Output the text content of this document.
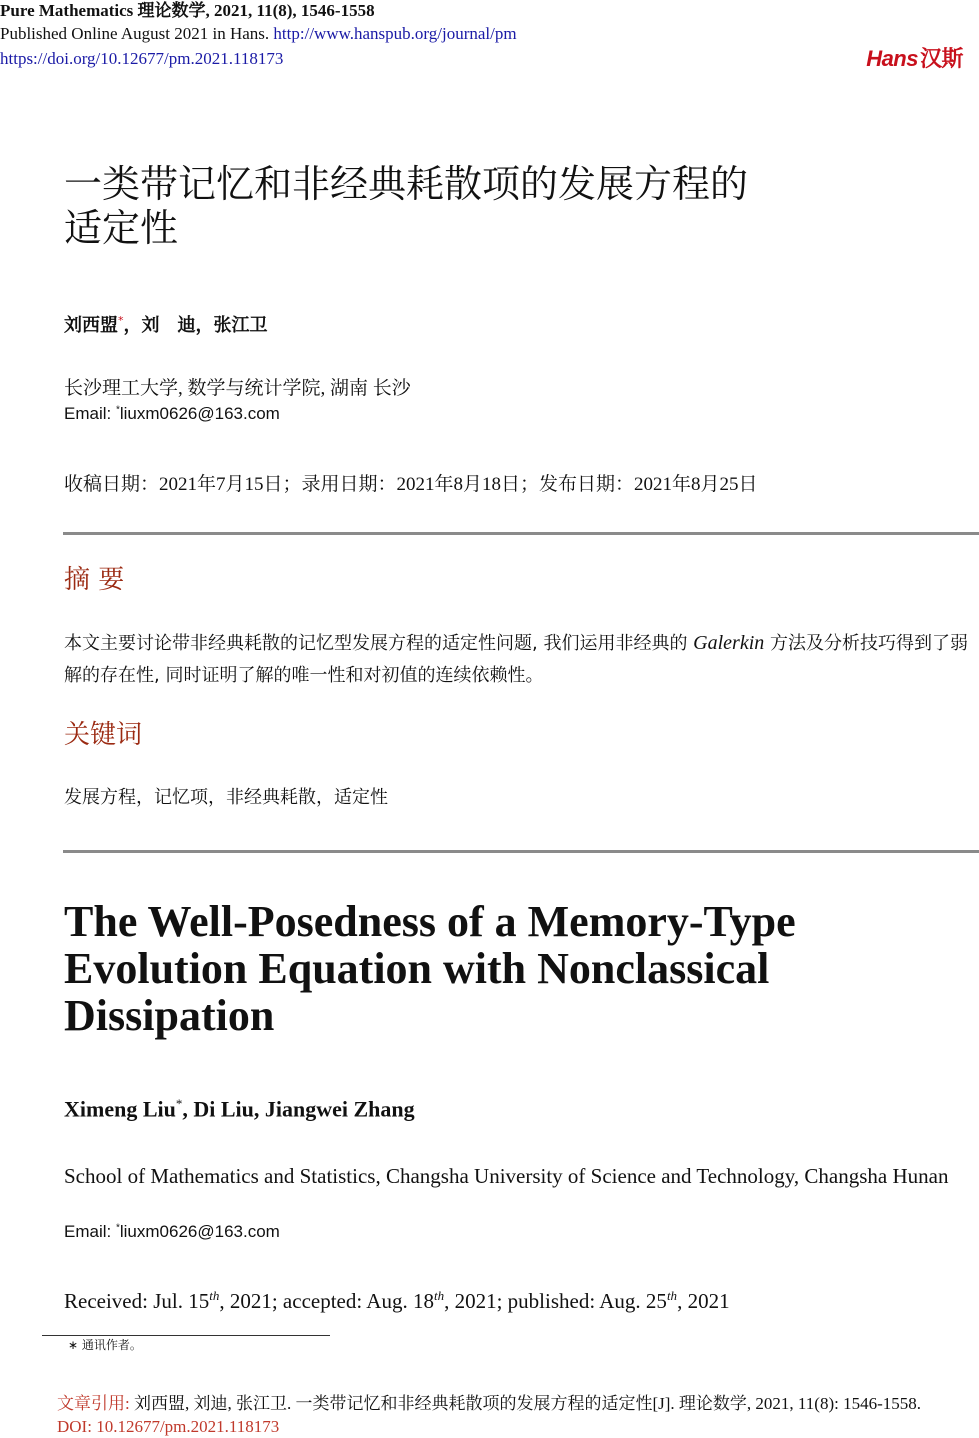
Pure Mathematics 理论数学, 2021, 11(8), 1546-1558
Published Online August 2021 in Hans. http://www.hanspub.org/journal/pm
https://doi.org/10.12677/pm.2021.118173	Hans汉斯
一类带记忆和非经典耗散项的发展方程的
适定性
刘西盟*，刘　迪，张江卫
长沙理工大学, 数学与统计学院, 湖南 长沙
Email: *liuxm0626@163.com
收稿日期：2021年7月15日；录用日期：2021年8月18日；发布日期：2021年8月25日
摘 要
本文主要讨论带非经典耗散的记忆型发展方程的适定性问题, 我们运用非经典的 Galerkin 方法及分析技巧得到了弱解的存在性, 同时证明了解的唯一性和对初值的连续依赖性。
关键词
发展方程，记忆项，非经典耗散，适定性
The Well-Posedness of a Memory-Type
Evolution Equation with Nonclassical
Dissipation
Ximeng Liu*, Di Liu, Jiangwei Zhang
School of Mathematics and Statistics, Changsha University of Science and Technology, Changsha Hunan
Email: *liuxm0626@163.com
Received: Jul. 15th, 2021; accepted: Aug. 18th, 2021; published: Aug. 25th, 2021
∗ 通讯作者。
文章引用: 刘西盟, 刘迪, 张江卫. 一类带记忆和非经典耗散项的发展方程的适定性[J]. 理论数学, 2021, 11(8): 1546-1558. DOI: 10.12677/pm.2021.118173
